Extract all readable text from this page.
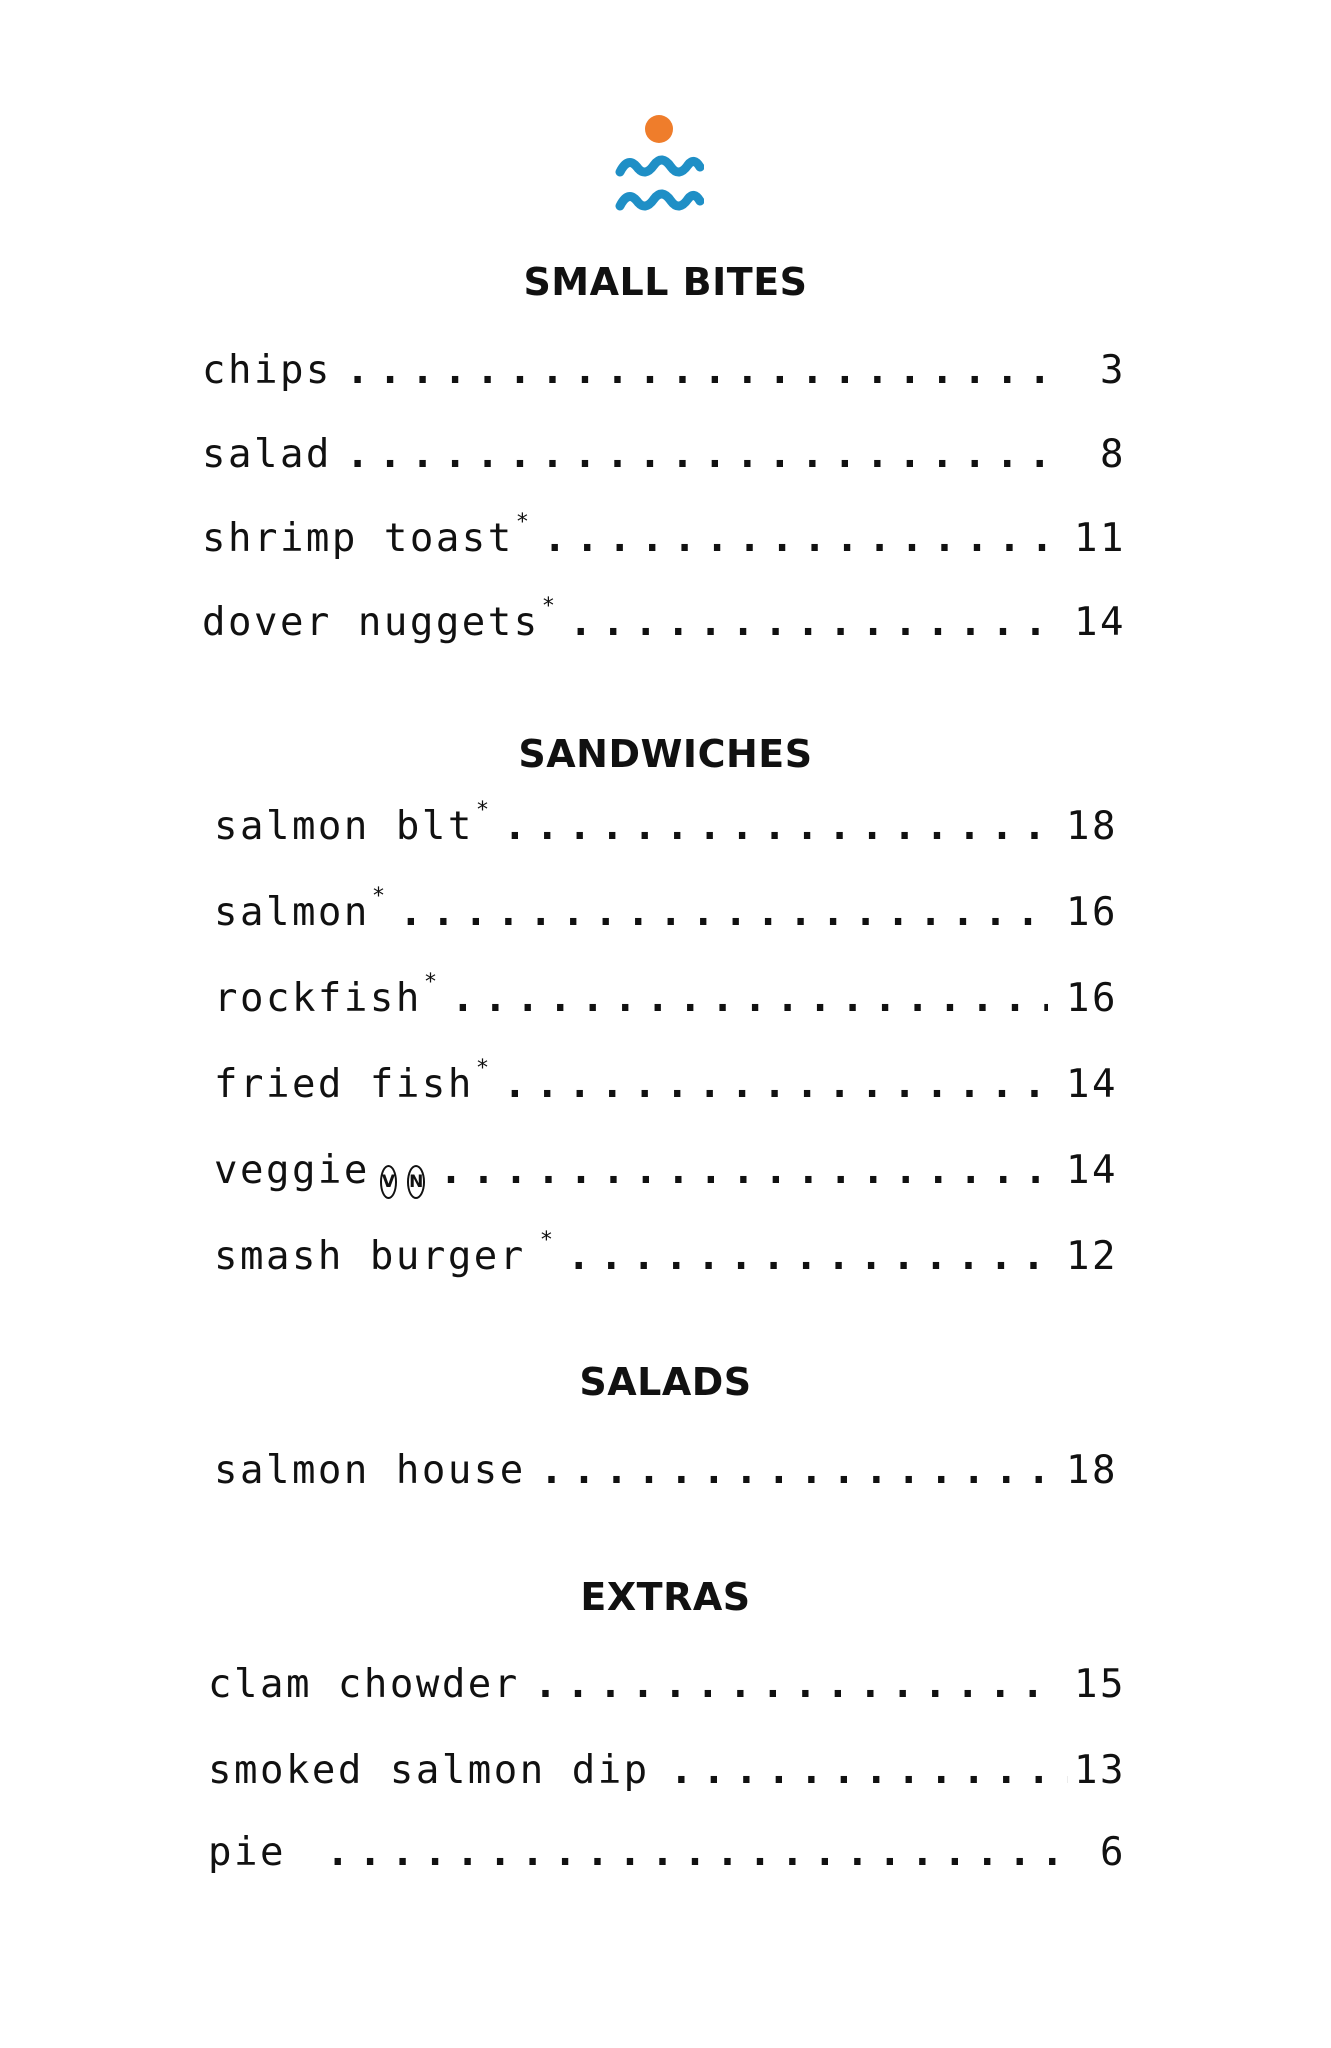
SMALL BITES
chips .....	3
salad .....	8
shrimp toast * .....	11
dover nuggets * .....	14
SANDWICHES
salmon blt * .....	18
salmon * .....	16
rockfish * .....	16
fried fish * .....	14
veggie V N .....	14
smash burger * .....	12
SALADS
salmon house .....	18
EXTRAS
clam chowder .....	15
smoked salmon dip .....	13
pie .....	6
